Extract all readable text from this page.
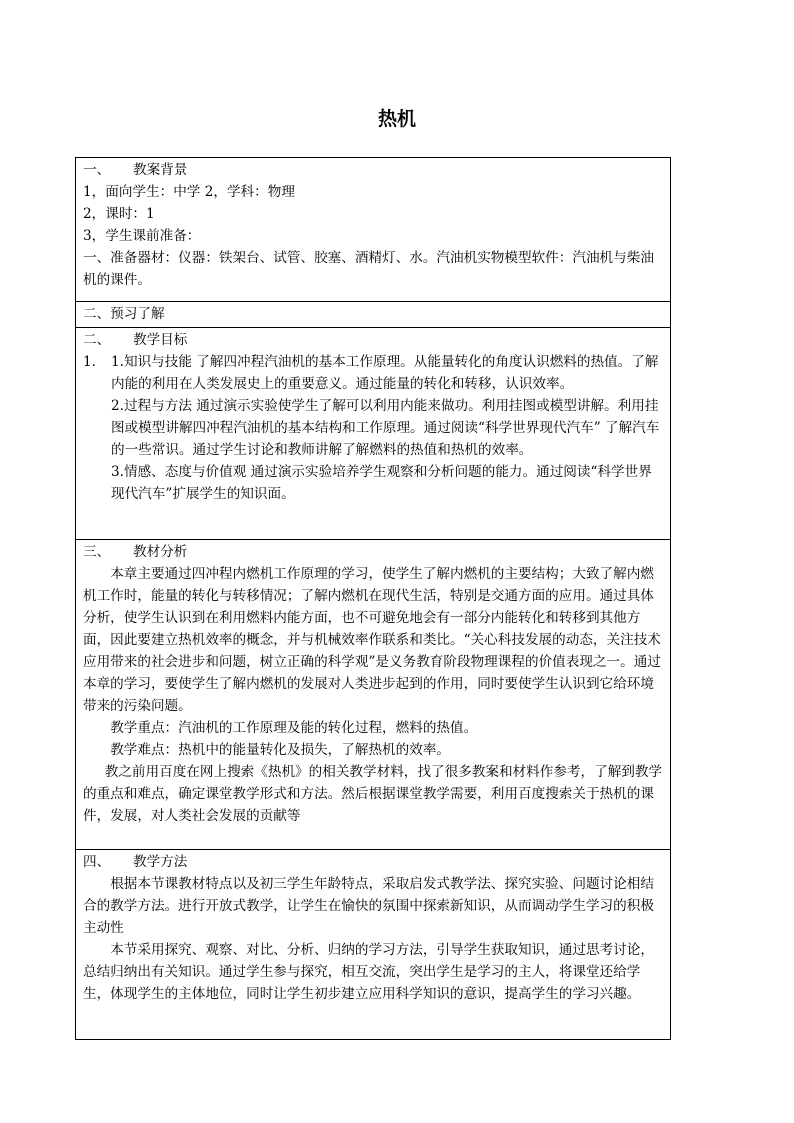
热机
一、 教案背景
1，面向学生：中学 2，学科：物理
2，课时：1
3，学生课前准备：
一、准备器材：仪器：铁架台、试管、胶塞、酒精灯、水。汽油机实物模型软件：汽油机与柴油机的课件。

二、预习了解

二、 教学目标
1.	1.知识与技能 了解四冲程汽油机的基本工作原理。从能量转化的角度认识燃料的热值。了解内能的利用在人类发展史上的重要意义。通过能量的转化和转移，认识效率。
2.过程与方法 通过演示实验使学生了解可以利用内能来做功。利用挂图或模型讲解。利用挂图或模型讲解四冲程汽油机的基本结构和工作原理。通过阅读“科学世界现代汽车” 了解汽车的一些常识。通过学生讨论和教师讲解了解燃料的热值和热机的效率。
3.情感、态度与价值观 通过演示实验培养学生观察和分析问题的能力。通过阅读“科学世界现代汽车”扩展学生的知识面。

三、 教材分析
本章主要通过四冲程内燃机工作原理的学习，使学生了解内燃机的主要结构；大致了解内燃机工作时，能量的转化与转移情况；了解内燃机在现代生活，特别是交通方面的应用。通过具体分析，使学生认识到在利用燃料内能方面，也不可避免地会有一部分内能转化和转移到其他方面，因此要建立热机效率的概念，并与机械效率作联系和类比。“关心科技发展的动态，关注技术应用带来的社会进步和问题，树立正确的科学观”是义务教育阶段物理课程的价值表现之一。通过本章的学习，要使学生了解内燃机的发展对人类进步起到的作用，同时要使学生认识到它给环境带来的污染问题。
教学重点：汽油机的工作原理及能的转化过程，燃料的热值。
教学难点：热机中的能量转化及损失，了解热机的效率。
教之前用百度在网上搜索《热机》的相关教学材料，找了很多教案和材料作参考，了解到教学的重点和难点，确定课堂教学形式和方法。然后根据课堂教学需要，利用百度搜索关于热机的课件，发展，对人类社会发展的贡献等

四、 教学方法
根据本节课教材特点以及初三学生年龄特点，采取启发式教学法、探究实验、问题讨论相结合的教学方法。进行开放式教学，让学生在愉快的氛围中探索新知识，从而调动学生学习的积极主动性
本节采用探究、观察、对比、分析、归纳的学习方法，引导学生获取知识，通过思考讨论，总结归纳出有关知识。通过学生参与探究，相互交流，突出学生是学习的主人，将课堂还给学生，体现学生的主体地位，同时让学生初步建立应用科学知识的意识，提高学生的学习兴趣。
